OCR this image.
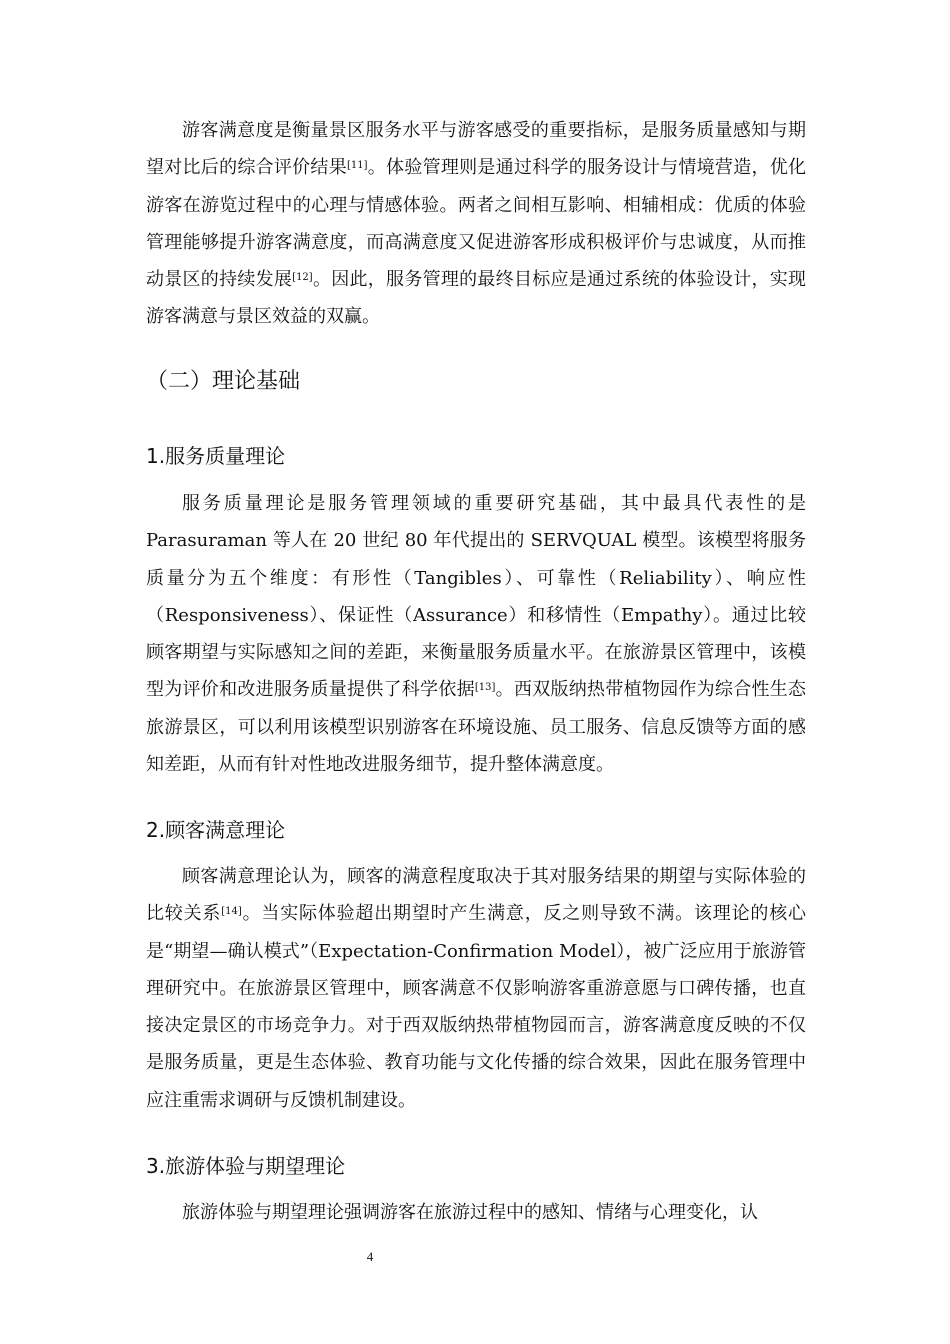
游客满意度是衡量景区服务水平与游客感受的重要指标，是服务质量感知与期望对比后的综合评价结果[11]。体验管理则是通过科学的服务设计与情境营造，优化游客在游览过程中的心理与情感体验。两者之间相互影响、相辅相成：优质的体验管理能够提升游客满意度，而高满意度又促进游客形成积极评价与忠诚度，从而推动景区的持续发展[12]。因此，服务管理的最终目标应是通过系统的体验设计，实现游客满意与景区效益的双赢。

（二）理论基础
1.服务质量理论

服务质量理论是服务管理领域的重要研究基础，其中最具代表性的是Parasuraman 等人在 20 世纪 80 年代提出的 SERVQUAL 模型。该模型将服务质量分为五个维度：有形性（Tangibles）、可靠性（Reliability）、响应性（Responsiveness）、保证性（Assurance）和移情性（Empathy）。通过比较顾客期望与实际感知之间的差距，来衡量服务质量水平。在旅游景区管理中，该模型为评价和改进服务质量提供了科学依据[13]。西双版纳热带植物园作为综合性生态旅游景区，可以利用该模型识别游客在环境设施、员工服务、信息反馈等方面的感知差距，从而有针对性地改进服务细节，提升整体满意度。

2.顾客满意理论

顾客满意理论认为，顾客的满意程度取决于其对服务结果的期望与实际体验的比较关系[14]。当实际体验超出期望时产生满意，反之则导致不满。该理论的核心是“期望—确认模式”（Expectation-Confirmation Model），被广泛应用于旅游管理研究中。在旅游景区管理中，顾客满意不仅影响游客重游意愿与口碑传播，也直接决定景区的市场竞争力。对于西双版纳热带植物园而言，游客满意度反映的不仅是服务质量，更是生态体验、教育功能与文化传播的综合效果，因此在服务管理中应注重需求调研与反馈机制建设。

3.旅游体验与期望理论

旅游体验与期望理论强调游客在旅游过程中的感知、情绪与心理变化，认

4
